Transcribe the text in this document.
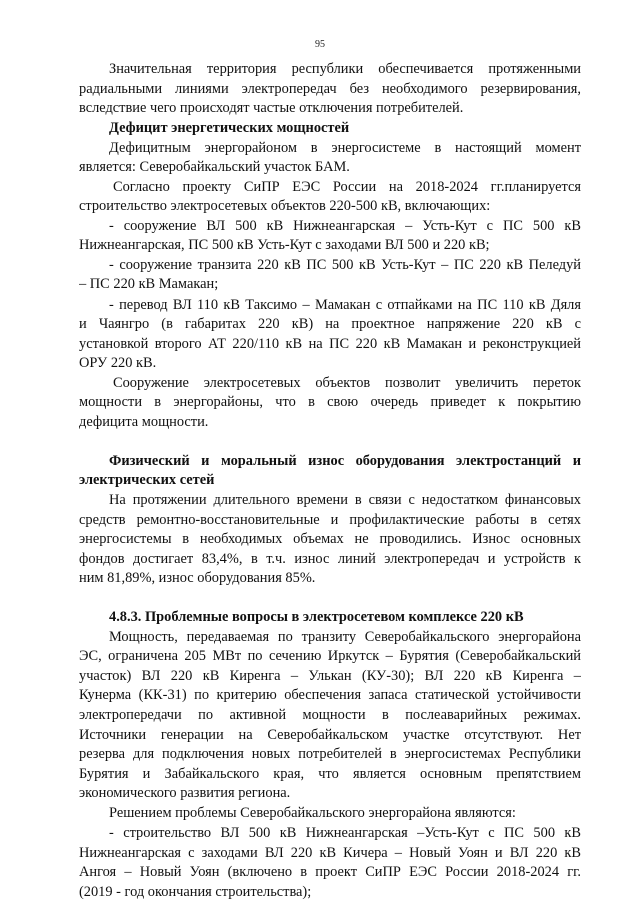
95
Значительная территория республики обеспечивается протяженными
радиальными линиями электропередач без необходимого резервирования,
вследствие чего происходят частые отключения потребителей.
Дефицит энергетических мощностей
Дефицитным энергорайоном в энергосистеме в настоящий момент
является: Северобайкальский участок БАМ.
Согласно проекту СиПР ЕЭС России на 2018-2024 гг.планируется
строительство электросетевых объектов 220-500 кВ, включающих:
- сооружение ВЛ 500 кВ Нижнеангарская – Усть-Кут с ПС 500 кВ
Нижнеангарская, ПС 500 кВ Усть-Кут с заходами ВЛ 500 и 220 кВ;
- сооружение транзита 220 кВ ПС 500 кВ Усть-Кут – ПС 220 кВ Пеледуй
– ПС 220 кВ Мамакан;
- перевод ВЛ 110 кВ Таксимо – Мамакан с отпайками на ПС 110 кВ Дяля
и Чаянгро (в габаритах 220 кВ) на проектное напряжение 220 кВ с
установкой второго АТ 220/110 кВ на ПС 220 кВ Мамакан и реконструкцией
ОРУ 220 кВ.
Сооружение электросетевых объектов позволит увеличить переток
мощности в энергорайоны, что в свою очередь приведет к покрытию
дефицита мощности.
Физический и моральный износ оборудования электростанций и
электрических сетей
На протяжении длительного времени в связи с недостатком финансовых
средств ремонтно-восстановительные и профилактические работы в сетях
энергосистемы в необходимых объемах не проводились. Износ основных
фондов достигает 83,4%, в т.ч. износ линий электропередач и устройств к
ним 81,89%, износ оборудования 85%.
4.8.3. Проблемные вопросы в электросетевом комплексе 220 кВ
Мощность, передаваемая по транзиту Северобайкальского энергорайона
ЭС, ограничена 205 МВт по сечению Иркутск – Бурятия (Северобайкальский
участок) ВЛ 220 кВ Киренга – Улькан (КУ-30); ВЛ 220 кВ Киренга –
Кунерма (КК-31) по критерию обеспечения запаса статической устойчивости
электропередачи по активной мощности в послеаварийных режимах.
Источники генерации на Северобайкальском участке отсутствуют. Нет
резерва для подключения новых потребителей в энергосистемах Республики
Бурятия и Забайкальского края, что является основным препятствием
экономического развития региона.
Решением проблемы Северобайкальского энергорайона являются:
- строительство ВЛ 500 кВ Нижнеангарская –Усть-Кут с ПС 500 кВ
Нижнеангарская с заходами ВЛ 220 кВ Кичера – Новый Уоян и ВЛ 220 кВ
Ангоя – Новый Уоян (включено в проект СиПР ЕЭС России 2018-2024 гг.
(2019 - год окончания строительства);
